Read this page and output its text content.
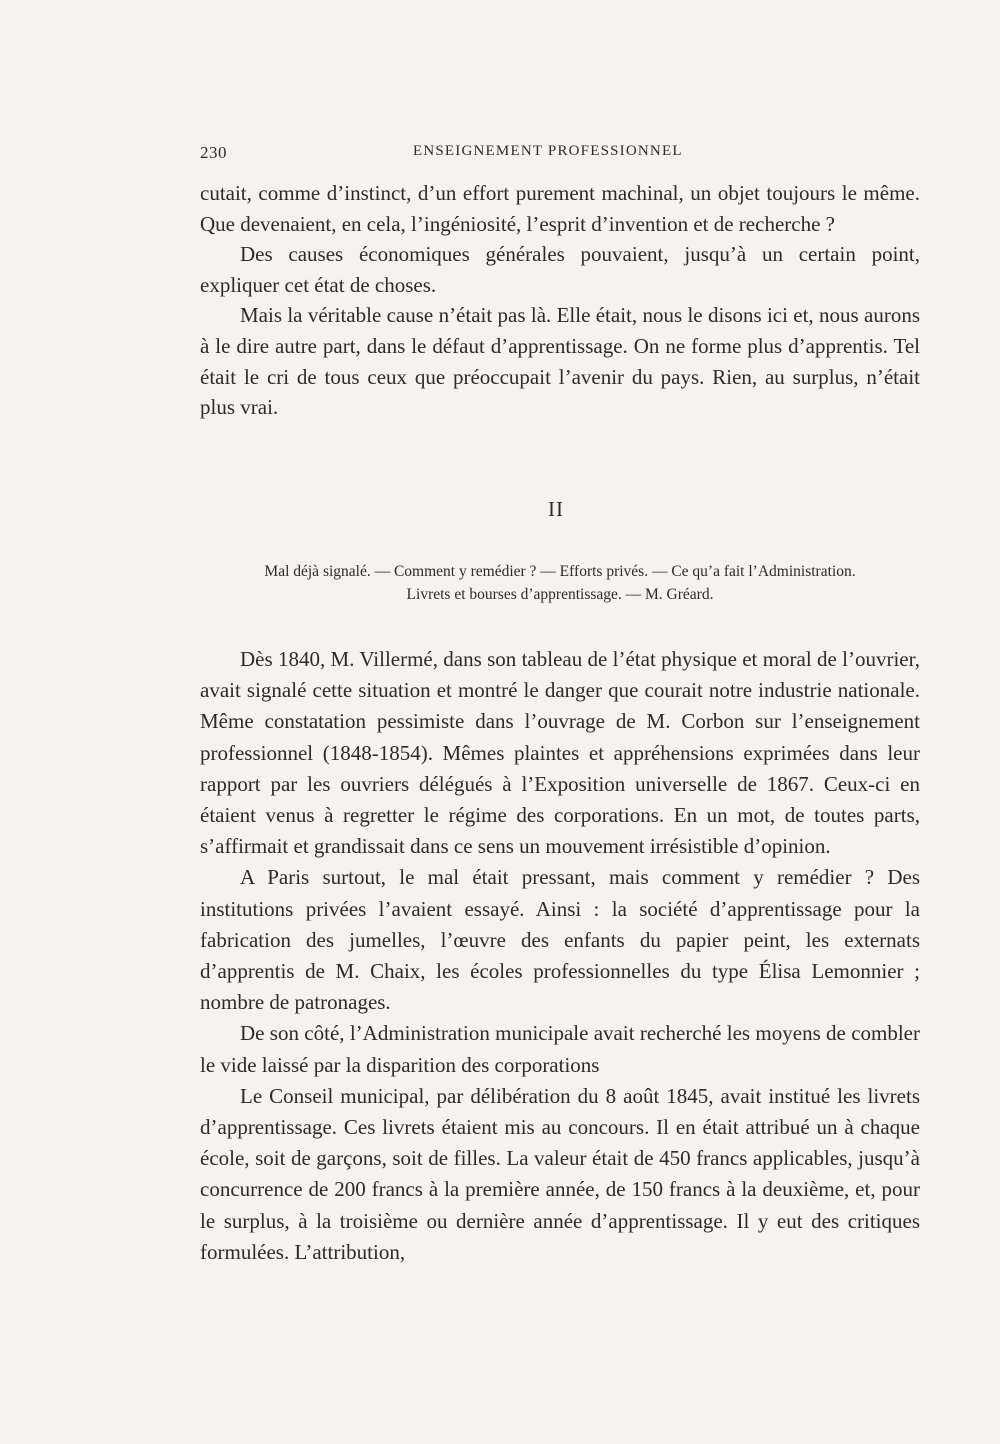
230	ENSEIGNEMENT PROFESSIONNEL

cutait, comme d’instinct, d’un effort purement machinal, un objet toujours le même. Que devenaient, en cela, l’ingéniosité, l’esprit d’invention et de recherche ?

Des causes économiques générales pouvaient, jusqu’à un certain point, expliquer cet état de choses.

Mais la véritable cause n’était pas là. Elle était, nous le disons ici et, nous aurons à le dire autre part, dans le défaut d’apprentissage. On ne forme plus d’apprentis. Tel était le cri de tous ceux que préoccupait l’avenir du pays. Rien, au surplus, n’était plus vrai.

II
Mal déjà signalé. — Comment y remédier ? — Efforts privés. — Ce qu’a fait l’Administration.
Livrets et bourses d’apprentissage. — M. Gréard.

Dès 1840, M. Villermé, dans son tableau de l’état physique et moral de l’ouvrier, avait signalé cette situation et montré le danger que courait notre industrie nationale. Même constatation pessimiste dans l’ouvrage de M. Corbon sur l’enseignement professionnel (1848-1854). Mêmes plaintes et appréhensions exprimées dans leur rapport par les ouvriers délégués à l’Exposition universelle de 1867. Ceux-ci en étaient venus à regretter le régime des corporations. En un mot, de toutes parts, s’affirmait et grandissait dans ce sens un mouvement irrésistible d’opinion.

A Paris surtout, le mal était pressant, mais comment y remédier ? Des institutions privées l’avaient essayé. Ainsi : la société d’apprentissage pour la fabrication des jumelles, l’œuvre des enfants du papier peint, les externats d’apprentis de M. Chaix, les écoles professionnelles du type Élisa Lemonnier ; nombre de patronages.

De son côté, l’Administration municipale avait recherché les moyens de combler le vide laissé par la disparition des corporations

Le Conseil municipal, par délibération du 8 août 1845, avait institué les livrets d’apprentissage. Ces livrets étaient mis au concours. Il en était attribué un à chaque école, soit de garçons, soit de filles. La valeur était de 450 francs applicables, jusqu’à concurrence de 200 francs à la première année, de 150 francs à la deuxième, et, pour le surplus, à la troisième ou dernière année d’apprentissage. Il y eut des critiques formulées. L’attribution,
